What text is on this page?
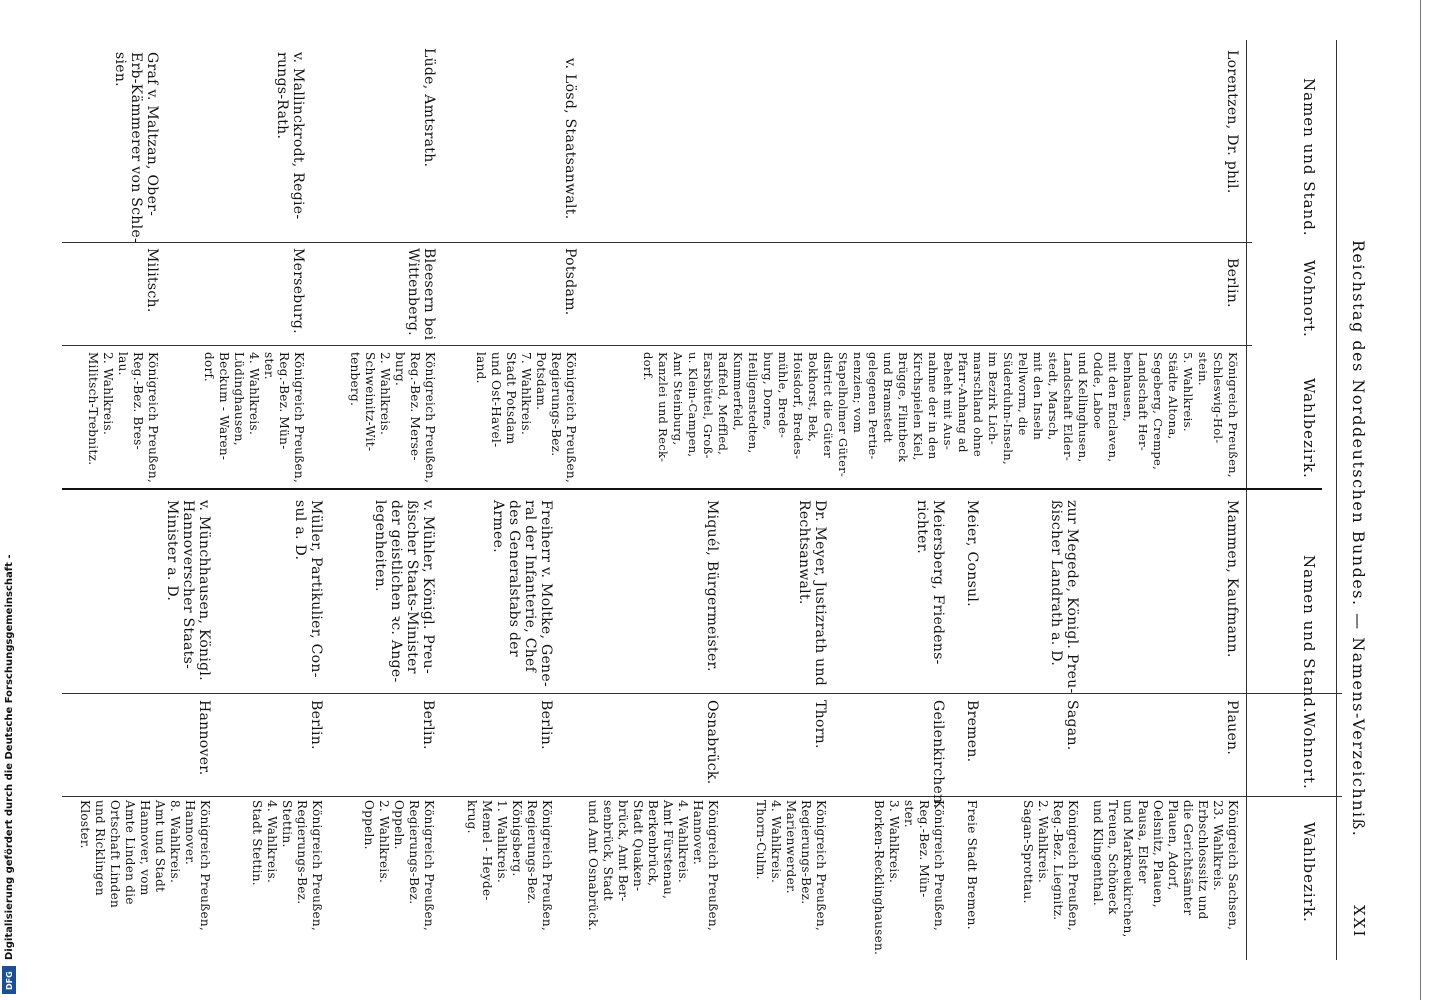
Reichstag des Norddeutschen Bundes. — Namens-Verzeichniß.
XXI
Namen und Stand.
Wohnort.
Wahlbezirk.
Namen und Stand.
Wohnort.
Wahlbezirk.
Lorentzen, Dr. phil.
Berlin.
Königreich Preußen,
Schleswig-Hol-
stein.
5. Wahlkreis.
Städte Altona,
Segeberg, Crempe,
Landschaft Her-
benhausen,
mit den Enclaven,
Odde, Laboe
und Kellinghusen,
Landschaft Elder-
stedt, Marsch,
mit den Inseln
Pellworm, die
Süderduhn-Inseln,
im Bezirk Lich-
marschland ohne
Pfarr-Anhang ad
Beheht mit Aus-
nahme der in den
Kirchspielen Kiel,
Brügge, Flintbeck
und Bramstedt
gelegenen Pertie-
nenzien; vom
Stapelholmer Güter-
district die Güter
Bokhorst, Bek,
Hoisdorf, Bredes-
mühle, Brede-
burg, Dorne,
Heiligenstedten,
Kummerfeld,
Raffeld, Meffled,
Earsbüttel, Groß-
u. Klein-Campen,
Amt Steinburg,
Kanzlei und Reck-
dorf.
v. Lösd, Staatsanwalt.
Potsdam.
Königreich Preußen,
Regierungs-Bez.
Potsdam.
7. Wahlkreis.
Stadt Potsdam
und Ost-Havel-
land.
Lüde, Amtsrath.
Bleesern bei
Wittenberg.
Königreich Preußen,
Reg.-Bez. Merse-
burg.
2. Wahlkreis.
Schweinitz-Wit-
tenberg.
v. Mallinckrodt, Regie-
rungs-Rath.
Merseburg.
Königreich Preußen,
Reg.-Bez. Mün-
ster.
4. Wahlkreis.
Lüdinghausen,
Beckum - Waren-
dorf.
Graf v. Maltzan, Ober-
Erb-Kämmerer von Schle-
sien.
Militsch.
Königreich Preußen,
Reg.-Bez. Bres-
lau.
2. Wahlkreis.
Militsch-Trebnitz.
Mammen, Kaufmann.
Plauen.
Königreich Sachsen,
23. Wahlkreis.
Erbschlosssitz und
die Gerichtsämter
Plauen, Adorf,
Oelsnitz, Plauen,
Pausa, Elster
und Markneukirchen,
Treuen, Schöneck
und Klingenthal.
zur Megede, Königl. Preu-
ßischer Landrath a. D.
Sagan.
Königreich Preußen,
Reg.-Bez. Liegnitz.
2. Wahlkreis.
Sagan-Sprottau.
Meier, Consul.
Bremen.
Freie Stadt Bremen.
Meiersberg, Friedens-
richter.
Geilenkirchen.
Königreich Preußen,
Reg.-Bez. Mün-
ster.
3. Wahlkreis.
Borken-Recklinghausen.
Dr. Meyer, Justizrath und
Rechtsanwalt.
Thorn.
Königreich Preußen,
Regierungs-Bez.
Marienwerder.
4. Wahlkreis.
Thorn-Culm.
Miquél, Bürgermeister.
Osnabrück.
Königreich Preußen,
Hannover.
4. Wahlkreis.
Amt Fürstenau,
Berkenbrück,
Stadt Quaken-
brück, Amt Ber-
senbrück, Stadt
und Amt Osnabrück.
Freiherr v. Moltke, Gene-
ral der Infanterie, Chef
des Generalstabs der
Armee.
Berlin.
Königreich Preußen,
Regierungs-Bez.
Königsberg.
1. Wahlkreis.
Memel - Heyde-
krug.
v. Mühler, Königl. Preu-
ßischer Staats-Minister
der geistlichen ꝛc. Ange-
legenheiten.
Berlin.
Königreich Preußen,
Regierungs-Bez.
Oppeln.
2. Wahlkreis.
Oppeln.
Müller, Partikulier, Con-
sul a. D.
Berlin.
Königreich Preußen,
Regierungs-Bez.
Stettin.
4. Wahlkreis.
Stadt Stettin.
v. Münchhausen, Königl.
Hannoverscher Staats-
Minister a. D.
Hannover.
Königreich Preußen,
Hannover.
8. Wahlkreis.
Amt und Stadt
Hannover, vom
Amte Linden die
Ortschaft Linden
und Ricklingen
Kloster.
Digitalisierung gefördert durch die Deutsche Forschungsgemeinschaft -
DFG
